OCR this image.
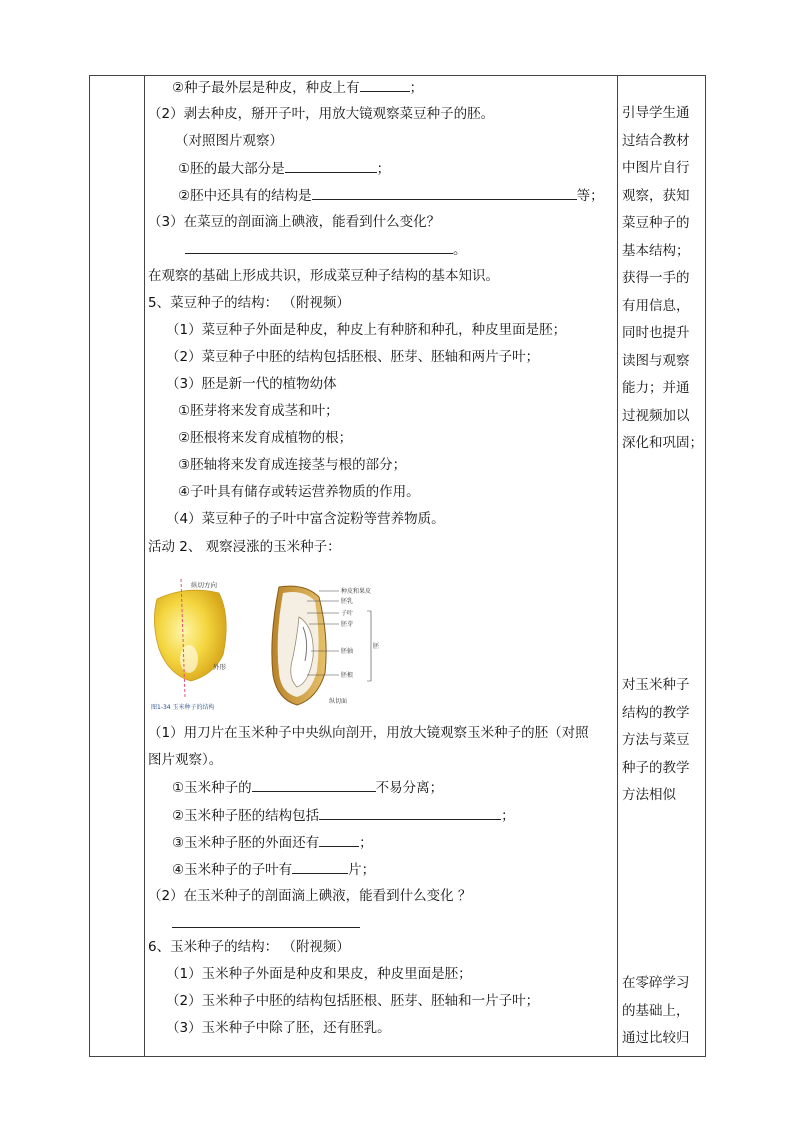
②种子最外层是种皮，种皮上有	；
（2）剥去种皮，掰开子叶，用放大镜观察菜豆种子的胚。
（对照图片观察）
①胚的最大部分是	；
②胚中还具有的结构是	等；
（3）在菜豆的剖面滴上碘液，能看到什么变化？
。
在观察的基础上形成共识，形成菜豆种子结构的基本知识。
5、菜豆种子的结构： （附视频）
（1）菜豆种子外面是种皮，种皮上有种脐和种孔，种皮里面是胚；
（2）菜豆种子中胚的结构包括胚根、胚芽、胚轴和两片子叶；
（3）胚是新一代的植物幼体
①胚芽将来发育成茎和叶；
②胚根将来发育成植物的根；
③胚轴将来发育成连接茎与根的部分；
④子叶具有储存或转运营养物质的作用。
（4）菜豆种子的子叶中富含淀粉等营养物质。
活动 2、 观察浸涨的玉米种子：
纵切方向
外形
种皮和果皮
胚乳
子叶
胚芽
胚轴
胚根
胚
纵切面
图1-34 玉米种子的结构
（1）用刀片在玉米种子中央纵向剖开，用放大镜观察玉米种子的胚（对照
图片观察）。
①玉米种子的	不易分离；
②玉米种子胚的结构包括	；
③玉米种子胚的外面还有	；
④玉米种子的子叶有	片；
（2）在玉米种子的剖面滴上碘液，能看到什么变化 ？
6、玉米种子的结构： （附视频）
（1）玉米种子外面是种皮和果皮，种皮里面是胚；
（2）玉米种子中胚的结构包括胚根、胚芽、胚轴和一片子叶；
（3）玉米种子中除了胚，还有胚乳。
引导学生通
过结合教材
中图片自行
观察，获知
菜豆种子的
基本结构；
获得一手的
有用信息，
同时也提升
读图与观察
能力；并通
过视频加以
深化和巩固；
对玉米种子
结构的教学
方法与菜豆
种子的教学
方法相似
在零碎学习
的基础上，
通过比较归
